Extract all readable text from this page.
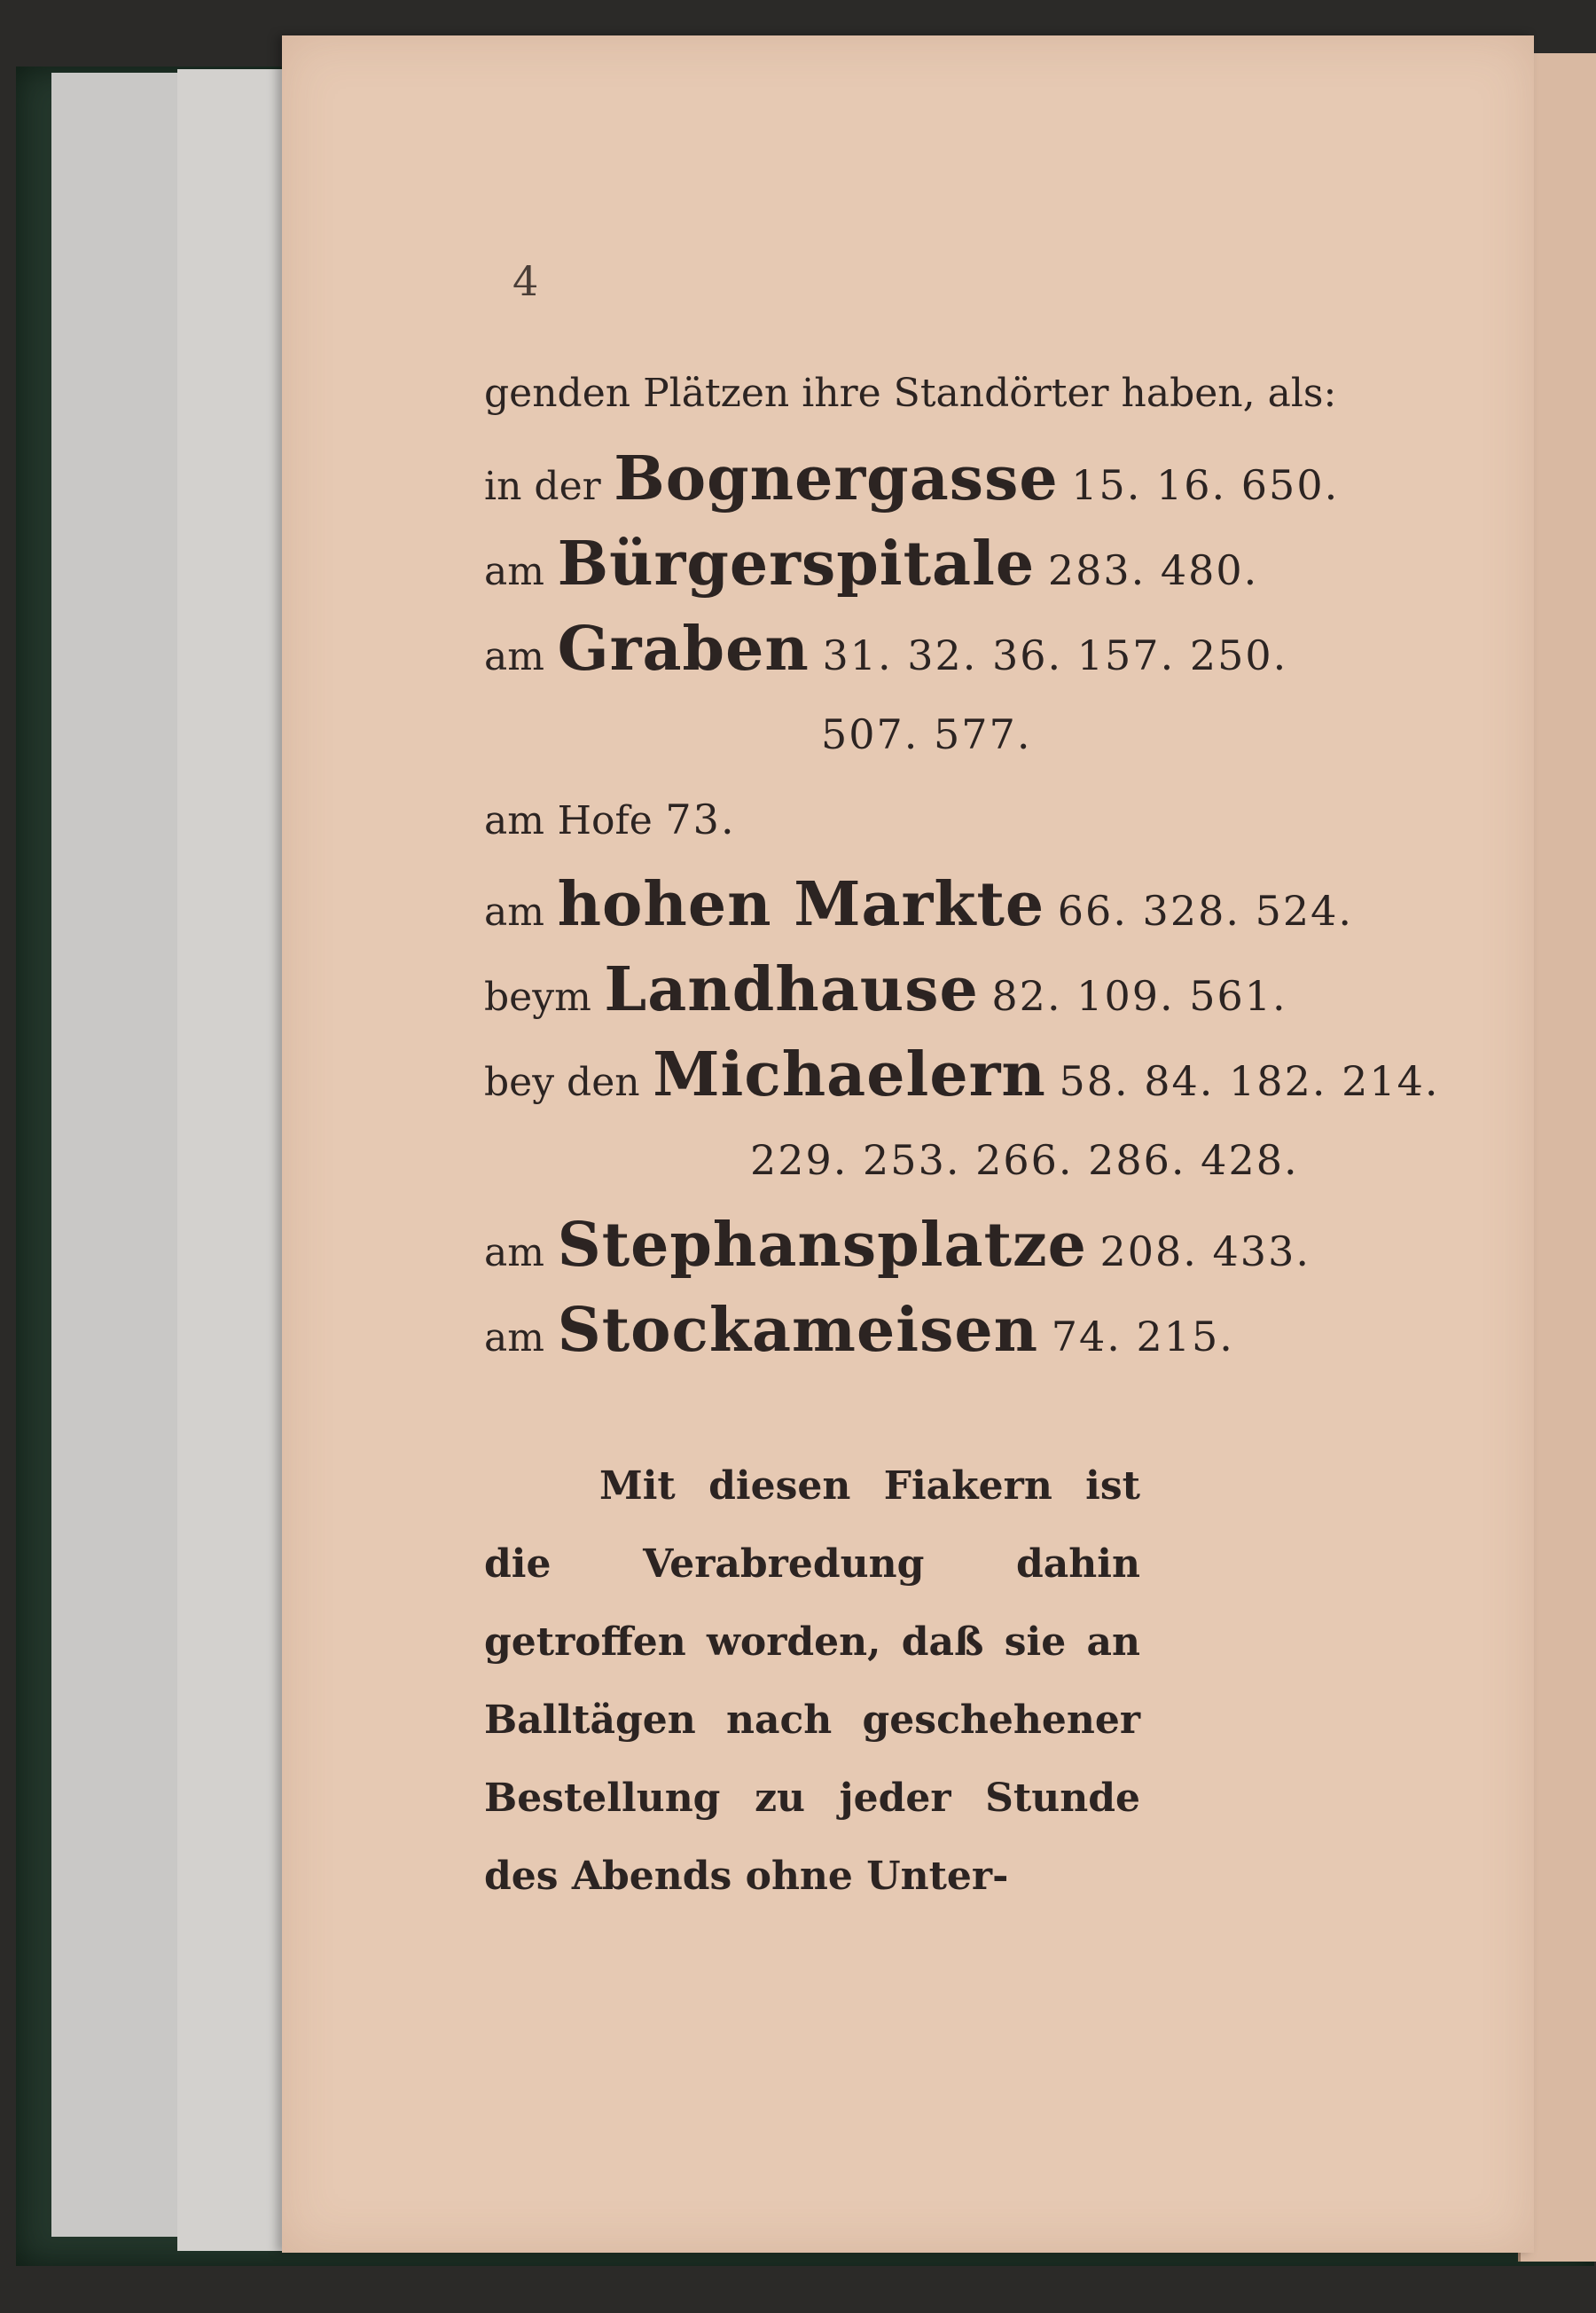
4
genden Plätzen ihre Standörter haben, als:
in der Bognergasse 15. 16. 650.
am Bürgerspitale 283. 480.
am Graben 31. 32. 36. 157. 250.
507. 577.
am Hofe 73.
am hohen Markte 66. 328. 524.
beym Landhause 82. 109. 561.
bey den Michaelern 58. 84. 182. 214.
229. 253. 266. 286. 428.
am Stephansplatze 208. 433.
am Stockameisen 74. 215.
Mit diesen Fiakern ist die Verabredung dahin getroffen worden, daß sie an Balltägen nach geschehener Bestellung zu jeder Stunde des Abends ohne Unter-
